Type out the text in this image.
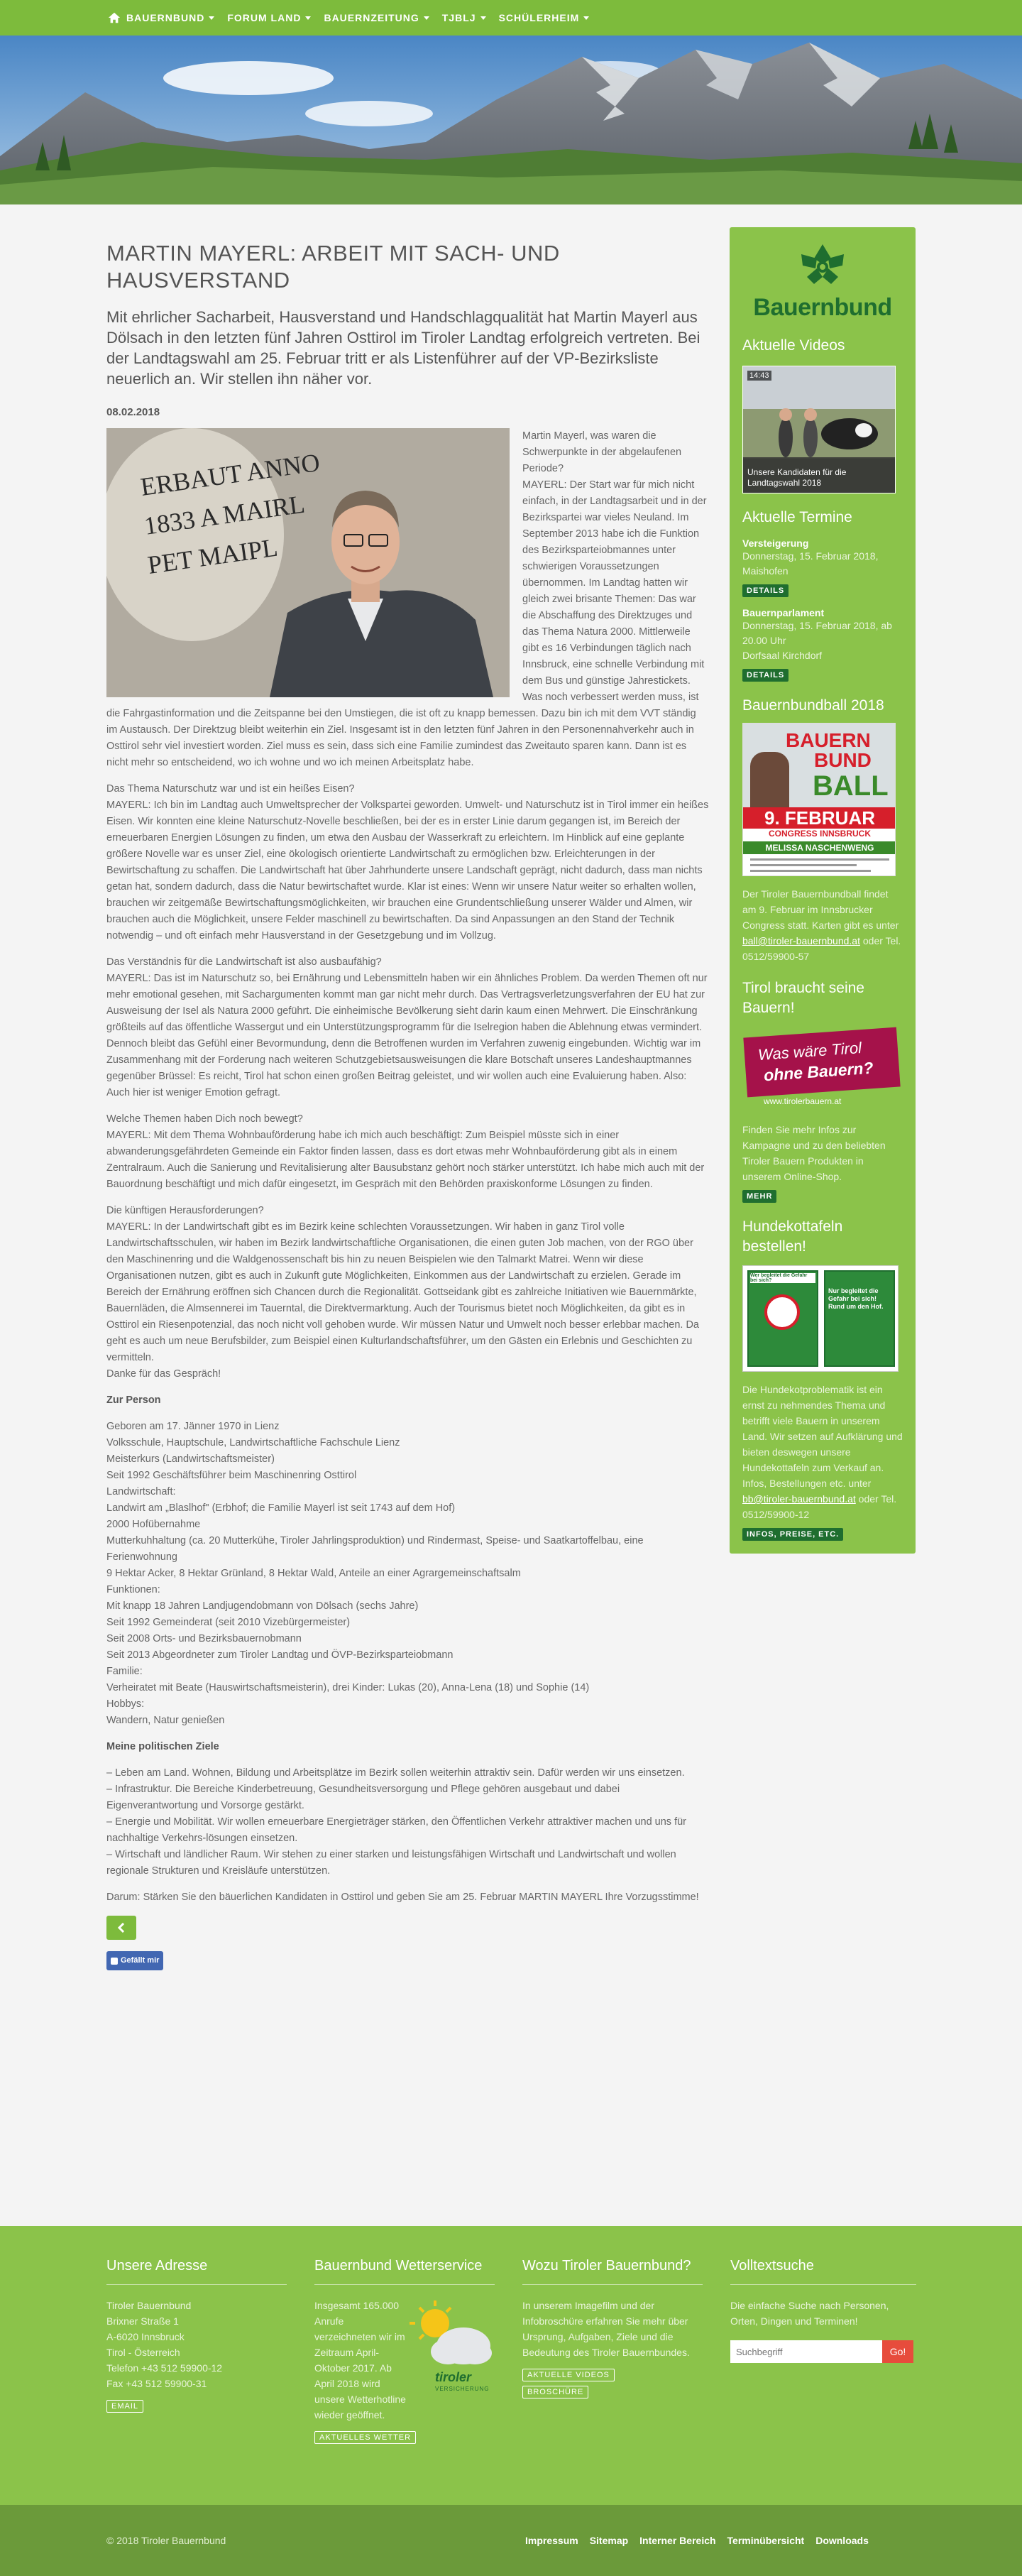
BAUERNBUND FORUM LAND BAUERNZEITUNG TJBLJ SCHÜLERHEIM
MARTIN MAYERL: ARBEIT MIT SACH- UND HAUSVERSTAND
Mit ehrlicher Sacharbeit, Hausverstand und Handschlagqualität hat Martin Mayerl aus Dölsach in den letzten fünf Jahren Osttirol im Tiroler Landtag erfolgreich vertreten. Bei der Landtagswahl am 25. Februar tritt er als Listenführer auf der VP-Bezirksliste neuerlich an. Wir stellen ihn näher vor.
08.02.2018
ERBAUT ANNO
1833 A MAIRL
PET MAIPL
Martin Mayerl, was waren die Schwerpunkte in der abgelaufenen Periode?
MAYERL: Der Start war für mich nicht einfach, in der Landtagsarbeit und in der Bezirkspartei war vieles Neuland. Im September 2013 habe ich die Funktion des Bezirksparteiobmannes unter schwierigen Voraussetzungen übernommen. Im Landtag hatten wir gleich zwei brisante Themen: Das war die Abschaffung des Direktzuges und das Thema Natura 2000. Mittlerweile gibt es 16 Verbindungen täglich nach Innsbruck, eine schnelle Verbindung mit dem Bus und günstige Jahrestickets. Was noch verbessert werden muss, ist die Fahrgastinformation und die Zeitspanne bei den Umstiegen, die ist oft zu knapp bemessen. Dazu bin ich mit dem VVT ständig im Austausch. Der Direktzug bleibt weiterhin ein Ziel. Insgesamt ist in den letzten fünf Jahren in den Personennahverkehr auch in Osttirol sehr viel investiert worden. Ziel muss es sein, dass sich eine Familie zumindest das Zweitauto sparen kann. Dann ist es nicht mehr so entscheidend, wo ich wohne und wo ich meinen Arbeitsplatz habe.

Das Thema Naturschutz war und ist ein heißes Eisen?
MAYERL: Ich bin im Landtag auch Umweltsprecher der Volkspartei geworden. Umwelt- und Naturschutz ist in Tirol immer ein heißes Eisen. Wir konnten eine kleine Naturschutz-Novelle beschließen, bei der es in erster Linie darum gegangen ist, im Bereich der erneuerbaren Energien Lösungen zu finden, um etwa den Ausbau der Wasserkraft zu erleichtern. Im Hinblick auf eine geplante größere Novelle war es unser Ziel, eine ökologisch orientierte Landwirtschaft zu ermöglichen bzw. Erleichterungen in der Bewirtschaftung zu schaffen. Die Landwirtschaft hat über Jahrhunderte unsere Landschaft geprägt, nicht dadurch, dass man nichts getan hat, sondern dadurch, dass die Natur bewirtschaftet wurde. Klar ist eines: Wenn wir unsere Natur weiter so erhalten wollen, brauchen wir zeitgemäße Bewirtschaftungsmöglichkeiten, wir brauchen eine Grundentschließung unserer Wälder und Almen, wir brauchen auch die Möglichkeit, unsere Felder maschinell zu bewirtschaften. Da sind Anpassungen an den Stand der Technik notwendig – und oft einfach mehr Hausverstand in der Gesetzgebung und im Vollzug.

Das Verständnis für die Landwirtschaft ist also ausbaufähig?
MAYERL: Das ist im Naturschutz so, bei Ernährung und Lebensmitteln haben wir ein ähnliches Problem. Da werden Themen oft nur mehr emotional gesehen, mit Sachargumenten kommt man gar nicht mehr durch. Das Vertragsverletzungsverfahren der EU hat zur Ausweisung der Isel als Natura 2000 geführt. Die einheimische Bevölkerung sieht darin kaum einen Mehrwert. Die Einschränkung größteils auf das öffentliche Wassergut und ein Unterstützungsprogramm für die Iselregion haben die Ablehnung etwas vermindert. Dennoch bleibt das Gefühl einer Bevormundung, denn die Betroffenen wurden im Verfahren zuwenig eingebunden. Wichtig war im Zusammenhang mit der Forderung nach weiteren Schutzgebietsausweisungen die klare Botschaft unseres Landeshauptmannes gegenüber Brüssel: Es reicht, Tirol hat schon einen großen Beitrag geleistet, und wir wollen auch eine Evaluierung haben. Also: Auch hier ist weniger Emotion gefragt.

Welche Themen haben Dich noch bewegt?
MAYERL: Mit dem Thema Wohnbauförderung habe ich mich auch beschäftigt: Zum Beispiel müsste sich in einer abwanderungsgefährdeten Gemeinde ein Faktor finden lassen, dass es dort etwas mehr Wohnbauförderung gibt als in einem Zentralraum. Auch die Sanierung und Revitalisierung alter Bausubstanz gehört noch stärker unterstützt. Ich habe mich auch mit der Bauordnung beschäftigt und mich dafür eingesetzt, im Gespräch mit den Behörden praxiskonforme Lösungen zu finden.

Die künftigen Herausforderungen?
MAYERL: In der Landwirtschaft gibt es im Bezirk keine schlechten Voraussetzungen. Wir haben in ganz Tirol volle Landwirtschaftsschulen, wir haben im Bezirk landwirtschaftliche Organisationen, die einen guten Job machen, von der RGO über den Maschinenring und die Waldgenossenschaft bis hin zu neuen Beispielen wie den Talmarkt Matrei. Wenn wir diese Organisationen nutzen, gibt es auch in Zukunft gute Möglichkeiten, Einkommen aus der Landwirtschaft zu erzielen. Gerade im Bereich der Ernährung eröffnen sich Chancen durch die Regionalität. Gottseidank gibt es zahlreiche Initiativen wie Bauernmärkte, Bauernläden, die Almsennerei im Tauerntal, die Direktvermarktung. Auch der Tourismus bietet noch Möglichkeiten, da gibt es in Osttirol ein Riesenpotenzial, das noch nicht voll gehoben wurde. Wir müssen Natur und Umwelt noch besser erlebbar machen. Da geht es auch um neue Berufsbilder, zum Beispiel einen Kulturlandschaftsführer, um den Gästen ein Erlebnis und Geschichten zu vermitteln.
Danke für das Gespräch!

Zur Person

Geboren am 17. Jänner 1970 in Lienz
Volksschule, Hauptschule, Landwirtschaftliche Fachschule Lienz
Meisterkurs (Landwirtschaftsmeister)
Seit 1992 Geschäftsführer beim Maschinenring Osttirol
Landwirtschaft:
Landwirt am „Blaslhof" (Erbhof; die Familie Mayerl ist seit 1743 auf dem Hof)
2000 Hofübernahme
Mutterkuhhaltung (ca. 20 Mutterkühe, Tiroler Jahrlingsproduktion) und Rindermast, Speise- und Saatkartoffelbau, eine Ferienwohnung
9 Hektar Acker, 8 Hektar Grünland, 8 Hektar Wald, Anteile an einer Agrargemeinschaftsalm
Funktionen:
Mit knapp 18 Jahren Landjugendobmann von Dölsach (sechs Jahre)
Seit 1992 Gemeinderat (seit 2010 Vizebürgermeister)
Seit 2008 Orts- und Bezirksbauernobmann
Seit 2013 Abgeordneter zum Tiroler Landtag und ÖVP-Bezirksparteiobmann
Familie:
Verheiratet mit Beate (Hauswirtschaftsmeisterin), drei Kinder: Lukas (20), Anna-Lena (18) und Sophie (14)
Hobbys:
Wandern, Natur genießen

Meine politischen Ziele

– Leben am Land. Wohnen, Bildung und Arbeitsplätze im Bezirk sollen weiterhin attraktiv sein. Dafür werden wir uns einsetzen.
– Infrastruktur. Die Bereiche Kinderbetreuung, Gesundheitsversorgung und Pflege gehören ausgebaut und dabei Eigenverantwortung und Vorsorge gestärkt.
– Energie und Mobilität. Wir wollen erneuerbare Energieträger stärken, den Öffentlichen Verkehr attraktiver machen und uns für nachhaltige Verkehrs-lösungen einsetzen.
– Wirtschaft und ländlicher Raum. Wir stehen zu einer starken und leistungsfähigen Wirtschaft und Landwirtschaft und wollen regionale Strukturen und Kreisläufe unterstützen.

Darum: Stärken Sie den bäuerlichen Kandidaten in Osttirol und geben Sie am 25. Februar MARTIN MAYERL Ihre Vorzugsstimme!

Gefällt mir
Bauernbund
Aktuelle Videos
14:43
Unsere Kandidaten für die Landtagswahl 2018
Aktuelle Termine
Versteigerung
Donnerstag, 15. Februar 2018, Maishofen
DETAILS
Bauernparlament
Donnerstag, 15. Februar 2018, ab 20.00 Uhr
Dorfsaal Kirchdorf
DETAILS
Bauernbundball 2018
BAUERN
BUND
BALL
9. FEBRUAR
CONGRESS INNSBRUCK
MELISSA NASCHENWENG
Der Tiroler Bauernbundball findet am 9. Februar im Innsbrucker Congress statt. Karten gibt es unter ball@tiroler-bauernbund.at oder Tel. 0512/59900-57
Tirol braucht seine Bauern!
Was wäre Tirol
ohne Bauern?
www.tirolerbauern.at
Finden Sie mehr Infos zur Kampagne und zu den beliebten Tiroler Bauern Produkten in unserem Online-Shop.
MEHR
Hundekottafeln bestellen!
Wer begleitet die Gefahr bei sich?
Nur begleitet die Gefahr bei sich! Rund um den Hof.
Die Hundekotproblematik ist ein ernst zu nehmendes Thema und betrifft viele Bauern in unserem Land. Wir setzen auf Aufklärung und bieten deswegen unsere Hundekottafeln zum Verkauf an. Infos, Bestellungen etc. unter bb@tiroler-bauernbund.at oder Tel. 0512/59900-12
INFOS, PREISE, ETC.
Unsere Adresse
Tiroler Bauernbund
Brixner Straße 1
A-6020 Innsbruck
Tirol - Österreich
Telefon +43 512 59900-12
Fax +43 512 59900-31
EMAIL
Bauernbund Wetterservice
Insgesamt 165.000 Anrufe verzeichneten wir im Zeitraum April-Oktober 2017. Ab April 2018 wird unsere Wetterhotline wieder geöffnet.
tiroler
VERSICHERUNG
AKTUELLES WETTER
Wozu Tiroler Bauernbund?
In unserem Imagefilm und der Infobroschüre erfahren Sie mehr über Ursprung, Aufgaben, Ziele und die Bedeutung des Tiroler Bauernbundes.
AKTUELLE VIDEOS
BROSCHÜRE
Volltextsuche
Die einfache Suche nach Personen, Orten, Dingen und Terminen!
Suchbegriff
Go!
© 2018 Tiroler Bauernbund	Impressum Sitemap Interner Bereich Terminübersicht Downloads
